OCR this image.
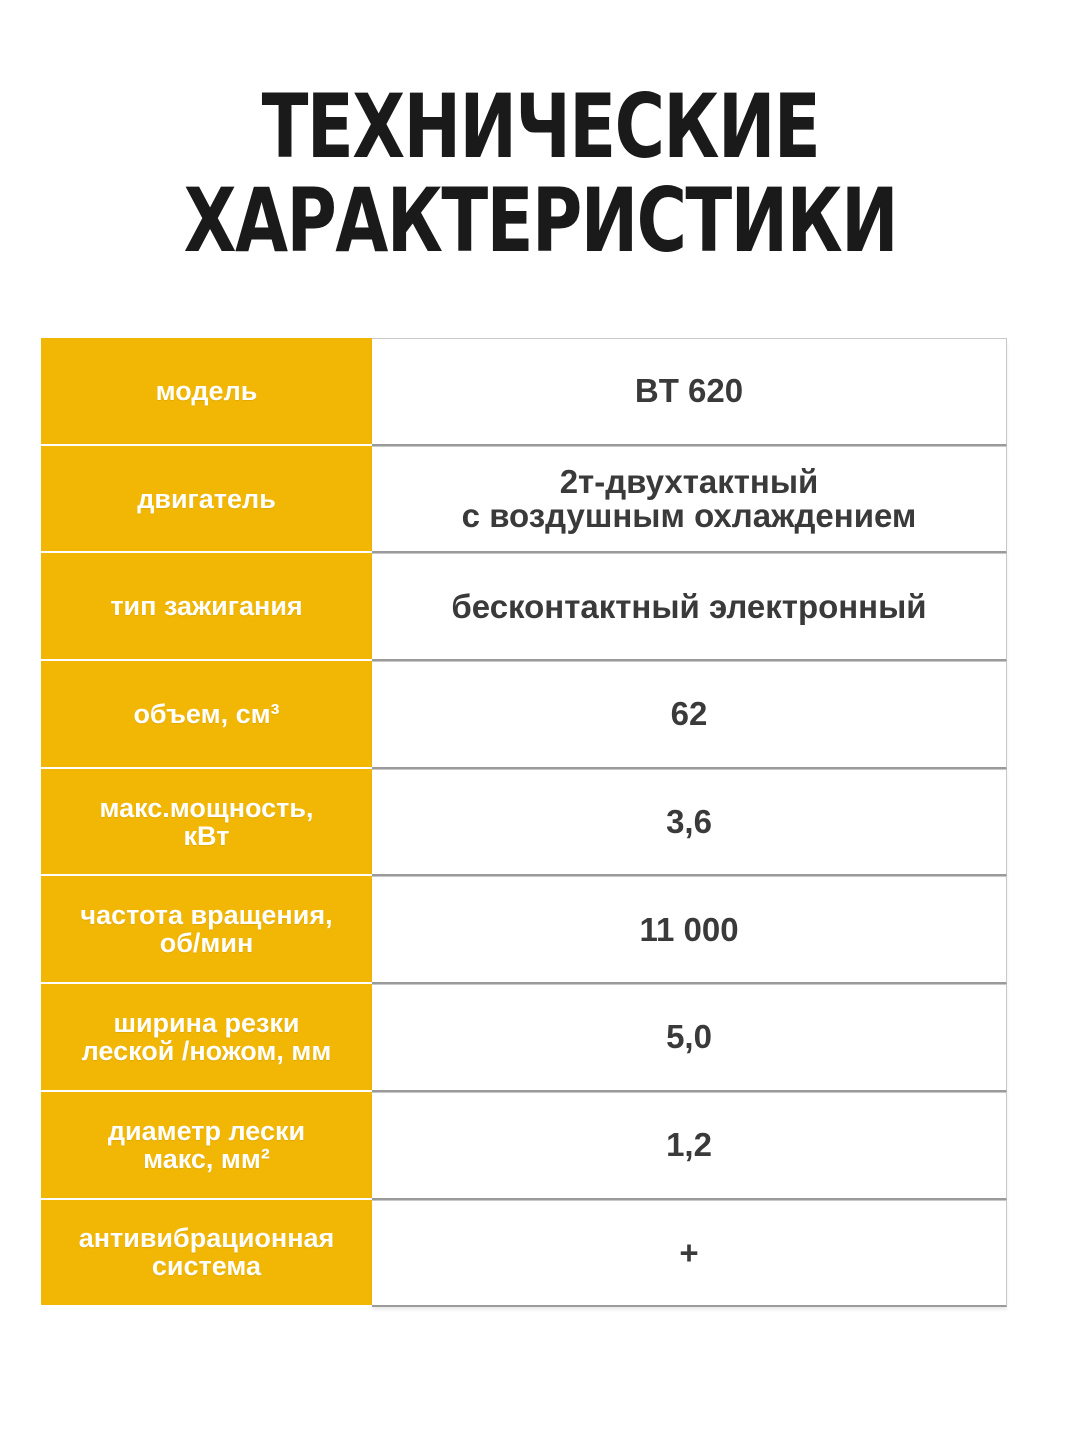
ТЕХНИЧЕСКИЕ
ХАРАКТЕРИСТИКИ
модель	BT 620
двигатель	2т-двухтактный
с воздушным охлаждением
тип зажигания	бесконтактный электронный
объем, см³	62
макс.мощность,
кВт	3,6
частота вращения,
об/мин	11 000
ширина резки
леской /ножом, мм	5,0
диаметр лески
макс, мм²	1,2
антивибрационная
система	+
